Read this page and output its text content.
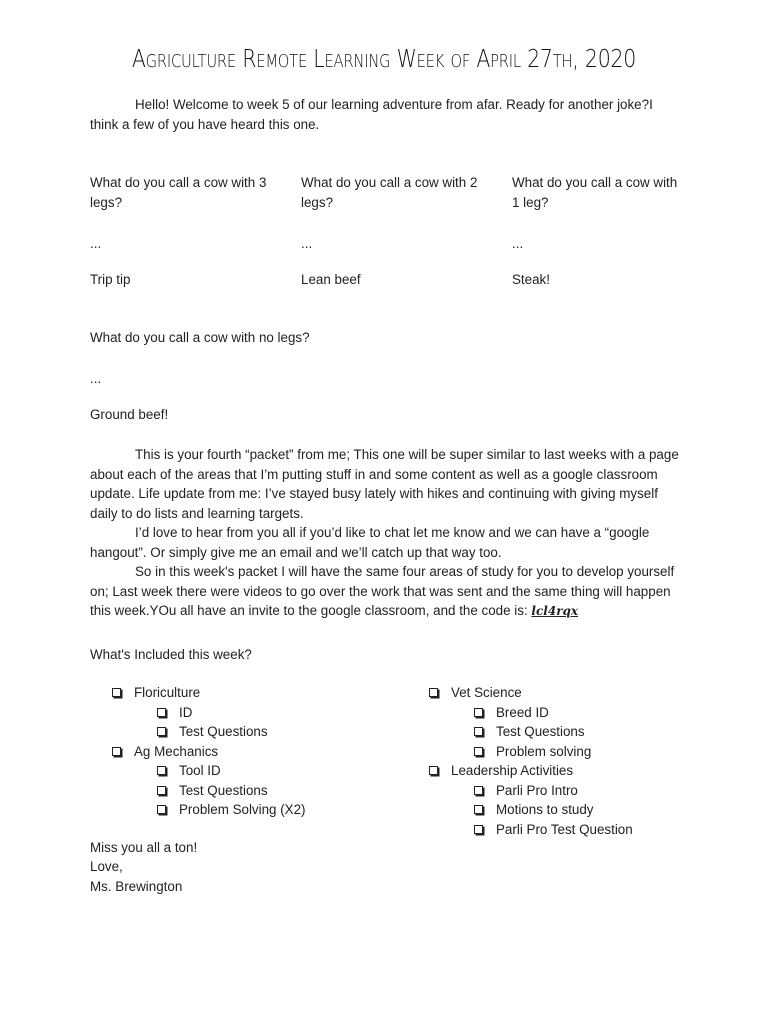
Agriculture Remote Learning Week of April 27th, 2020

Hello! Welcome to week 5 of our learning adventure from afar. Ready for another joke?I think a few of you have heard this one.

What do you call a cow with 3 legs?
...
Trip tip
What do you call a cow with 2 legs?
...
Lean beef
What do you call a cow with 1 leg?
...
Steak!
What do you call a cow with no legs?
...
Ground beef!

This is your fourth “packet” from me; This one will be super similar to last weeks with a page about each of the areas that I’m putting stuff in and some content as well as a google classroom update. Life update from me: I’ve stayed busy lately with hikes and continuing with giving myself daily to do lists and learning targets.

I’d love to hear from you all if you’d like to chat let me know and we can have a “google hangout”. Or simply give me an email and we’ll catch up that way too.

So in this week's packet I will have the same four areas of study for you to develop yourself on; Last week there were videos to go over the work that was sent and the same thing will happen this week.YOu all have an invite to the google classroom, and the code is: lcl4rqx

What's Included this week?
Floriculture
ID
Test Questions
Ag Mechanics
Tool ID
Test Questions
Problem Solving (X2)
Vet Science
Breed ID
Test Questions
Problem solving
Leadership Activities
Parli Pro Intro
Motions to study
Parli Pro Test Question
Miss you all a ton!
Love,
Ms. Brewington
